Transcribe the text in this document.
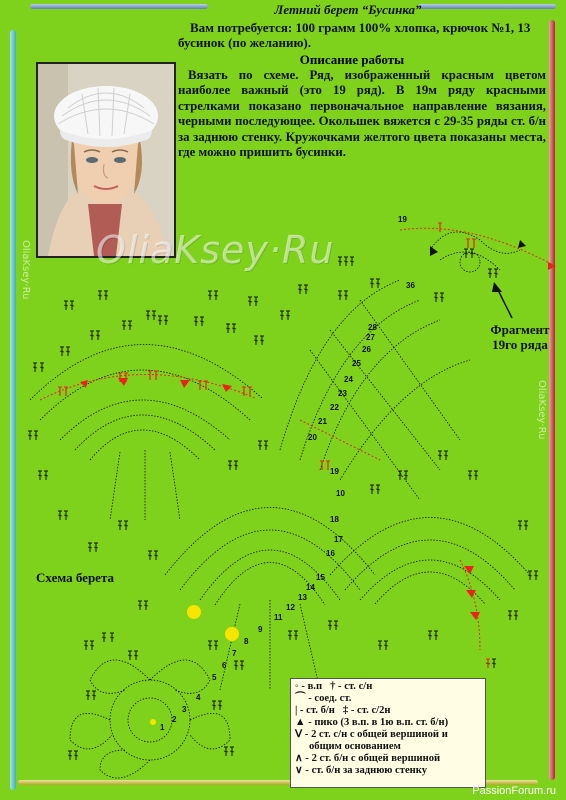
OliaKsey·Ru
OliaKsey·Ru
Летний берет “Бусинка”

Вам потребуется: 100 грамм 100% хлопка, крючок №1, 13 бусинок (по желанию).

Описание работы

Вязать по схеме. Ряд, изображенный красным цветом наиболее важный (это 19 ряд). В 19м ряду красными стрелками показано первоначальное направление вязания, черными последующее. Окольшек вяжется с 29-35 ряды ст. б/н за заднюю стенку. Кружочками желтого цвета показаны места, где можно пришить бусинки.

OliaKsey·Ru
19
36
28
27
26
25
24
23
22
21
20
19
18
17
16
15
14
13
12
11
10
9
8
7
6
5
4
3
2
1
Фрагмент
19го ряда
Схема берета
◦ - в.п † - ст. с/н
⌒ - соед. ст.
| - ст. б/н ‡ - ст. с/2н
▲ - пико (3 в.п. в 1ю в.п. ст. б/н)
Ⅴ - 2 ст. с/н с общей вершиной и
общим основанием
∧ - 2 ст. б/н с общей вершиной
∨ - ст. б/н за заднюю стенку
PassionForum.ru
